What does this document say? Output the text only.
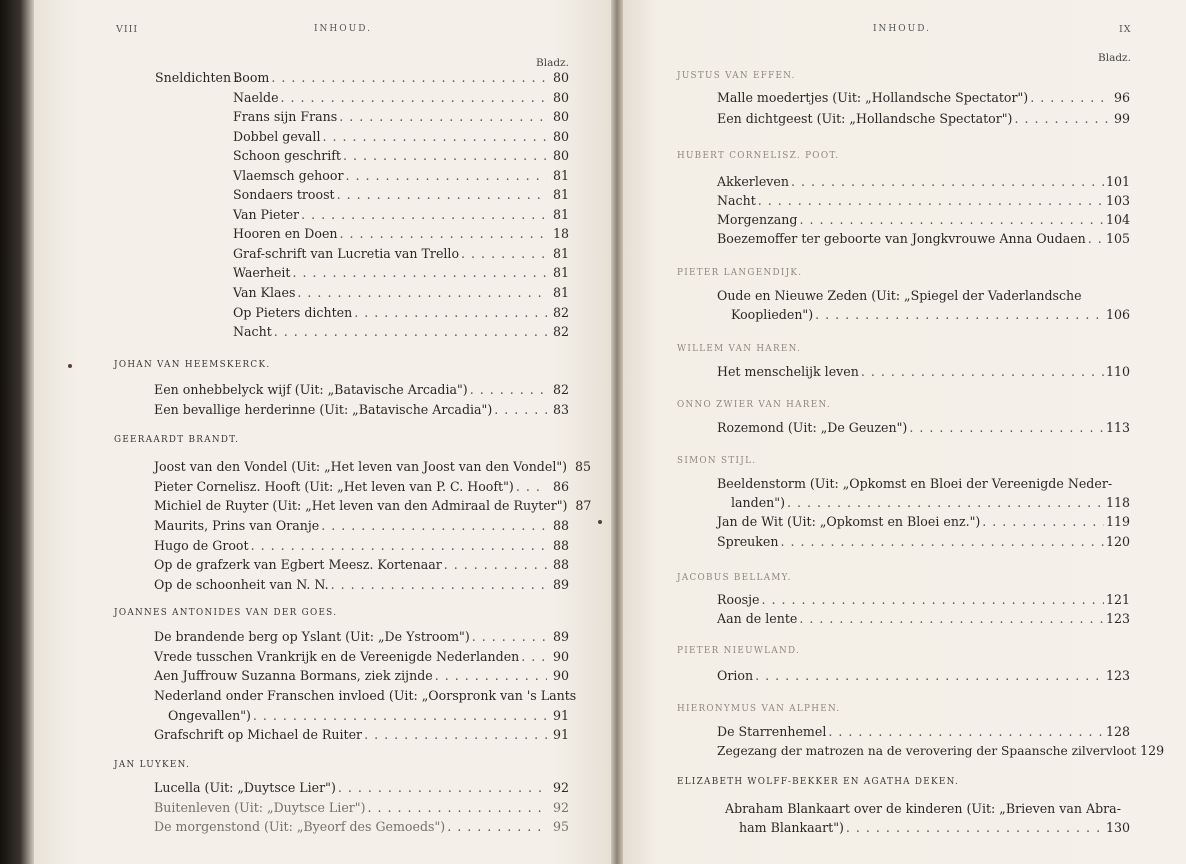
VIII	INHOUD.
Bladz.
Sneldichten :
Boom . . .	80
Naelde . . .	80
Frans sijn Frans . . .	80
Dobbel gevall . . .	80
Schoon geschrift . . .	80
Vlaemsch gehoor . . .	81
Sondaers troost . . .	81
Van Pieter . . .	81
Hooren en Doen . . .	18
Graf-schrift van Lucretia van Trello . . .	81
Waerheit . . .	81
Van Klaes . . .	81
Op Pieters dichten . . .	82
Nacht . . .	82
JOHAN VAN HEEMSKERCK.
Een onhebbelyck wijf (Uit: „Batavische Arcadia") . . .	82
Een bevallige herderinne (Uit: „Batavische Arcadia") . . .	83
GEERAARDT BRANDT.
Joost van den Vondel (Uit: „Het leven van Joost van den Vondel") 85
Pieter Cornelisz. Hooft (Uit: „Het leven van P. C. Hooft") . . .	86
Michiel de Ruyter (Uit: „Het leven van den Admiraal de Ruyter") 87
Maurits, Prins van Oranje . . .	88
Hugo de Groot . . .	88
Op de grafzerk van Egbert Meesz. Kortenaar . . .	88
Op de schoonheit van N. N. . . .	89
JOANNES ANTONIDES VAN DER GOES.
De brandende berg op Yslant (Uit: „De Ystroom") . . .	89
Vrede tusschen Vrankrijk en de Vereenigde Nederlanden . . .	90
Aen Juffrouw Suzanna Bormans, ziek zijnde . . .	90
Nederland onder Franschen invloed (Uit: „Oorspronk van 's Lants
Ongevallen") . . .	91
Grafschrift op Michael de Ruiter . . .	91
JAN LUYKEN.
Lucella (Uit: „Duytsce Lier") . . .	92
Buitenleven (Uit: „Duytsce Lier") . . .	92
De morgenstond (Uit: „Byeorf des Gemoeds") . . .	95
INHOUD.	IX
Bladz.
JUSTUS VAN EFFEN.
Malle moedertjes (Uit: „Hollandsche Spectator") . . .	96
Een dichtgeest (Uit: „Hollandsche Spectator") . . .	99
HUBERT CORNELISZ. POOT.
Akkerleven . . .	101
Nacht . . .	103
Morgenzang . . .	104
Boezemoffer ter geboorte van Jongkvrouwe Anna Oudaen . . . 105
PIETER LANGENDIJK.
Oude en Nieuwe Zeden (Uit: „Spiegel der Vaderlandsche
Kooplieden") . . .	106
WILLEM VAN HAREN.
Het menschelijk leven . . .	110
ONNO ZWIER VAN HAREN.
Rozemond (Uit: „De Geuzen") . . .	113
SIMON STIJL.
Beeldenstorm (Uit: „Opkomst en Bloei der Vereenigde Neder-
landen") . . .	118
Jan de Wit (Uit: „Opkomst en Bloei enz.") . . .	119
Spreuken . . .	120
JACOBUS BELLAMY.
Roosje . . .	121
Aan de lente . . .	123
PIETER NIEUWLAND.
Orion . . .	123
HIERONYMUS VAN ALPHEN.
De Starrenhemel . . .	128
Zegezang der matrozen na de verovering der Spaansche zilvervloot 129
ELIZABETH WOLFF-BEKKER EN AGATHA DEKEN.
Abraham Blankaart over de kinderen (Uit: „Brieven van Abra-
ham Blankaart") . . .	130
